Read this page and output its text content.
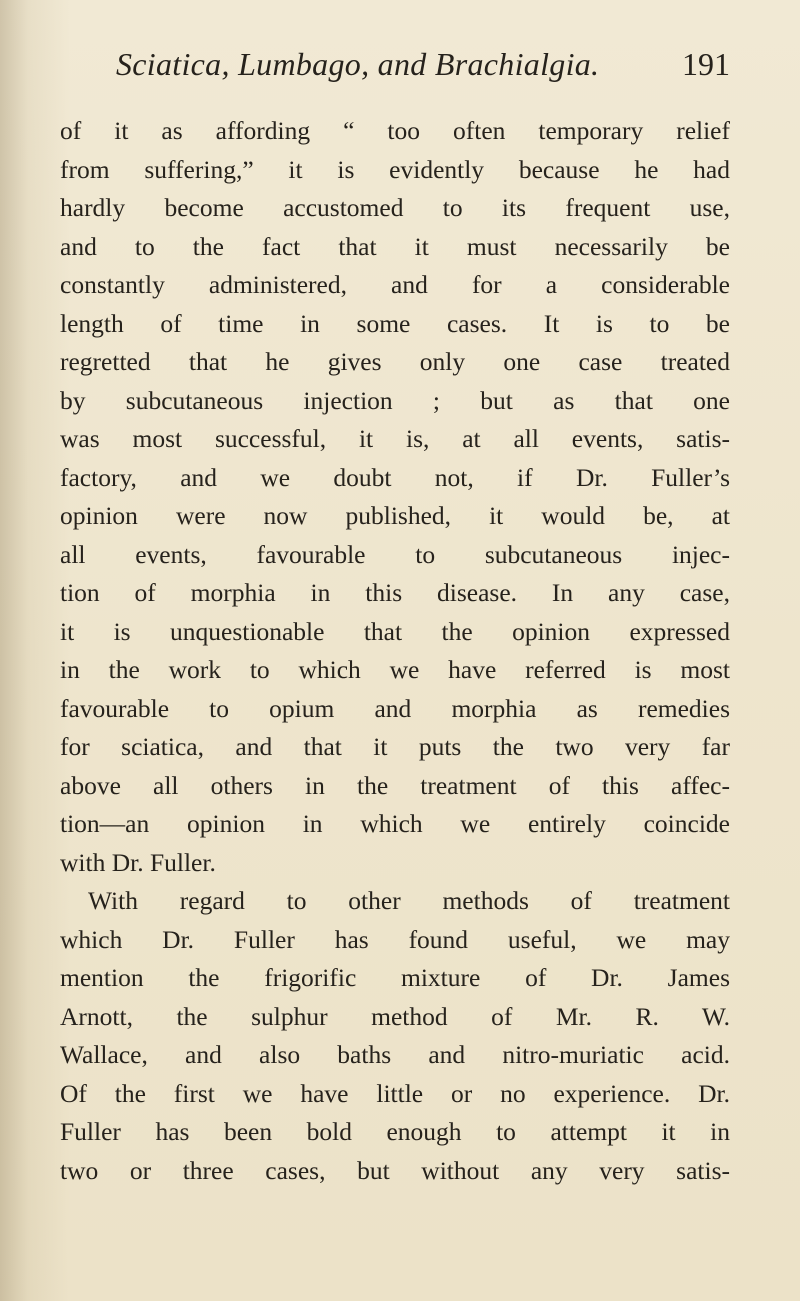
Sciatica, Lumbago, and Brachialgia.	191
of it as affording “ too often temporary relief
from suffering,” it is evidently because he had
hardly become accustomed to its frequent use,
and to the fact that it must necessarily be
constantly administered, and for a considerable
length of time in some cases. It is to be
regretted that he gives only one case treated
by subcutaneous injection ; but as that one
was most successful, it is, at all events, satis-
factory, and we doubt not, if Dr. Fuller’s
opinion were now published, it would be, at
all events, favourable to subcutaneous injec-
tion of morphia in this disease. In any case,
it is unquestionable that the opinion expressed
in the work to which we have referred is most
favourable to opium and morphia as remedies
for sciatica, and that it puts the two very far
above all others in the treatment of this affec-
tion—an opinion in which we entirely coincide
with Dr. Fuller.
With regard to other methods of treatment
which Dr. Fuller has found useful, we may
mention the frigorific mixture of Dr. James
Arnott, the sulphur method of Mr. R. W.
Wallace, and also baths and nitro-muriatic acid.
Of the first we have little or no experience. Dr.
Fuller has been bold enough to attempt it in
two or three cases, but without any very satis-
